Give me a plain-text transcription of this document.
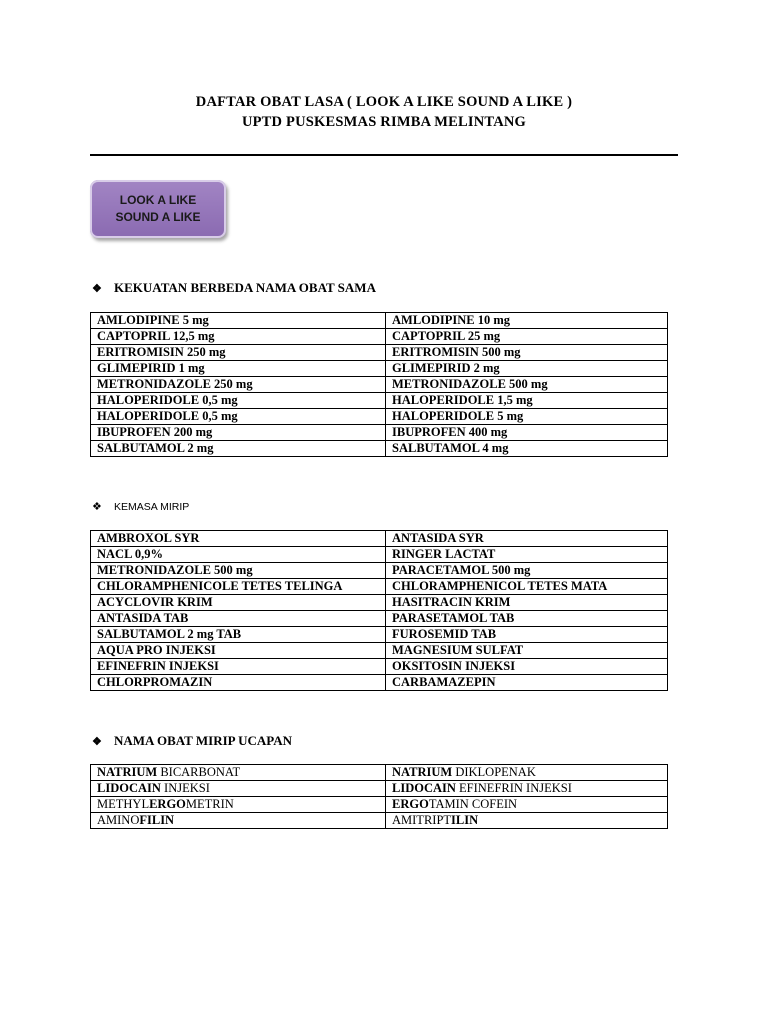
DAFTAR OBAT LASA ( LOOK A LIKE SOUND A LIKE )
UPTD PUSKESMAS RIMBA MELINTANG
LOOK A LIKE
SOUND A LIKE
❖ KEKUATAN BERBEDA NAMA OBAT SAMA
AMLODIPINE 5 mg	AMLODIPINE 10 mg
CAPTOPRIL 12,5 mg	CAPTOPRIL 25 mg
ERITROMISIN 250 mg	ERITROMISIN 500 mg
GLIMEPIRID 1 mg	GLIMEPIRID 2 mg
METRONIDAZOLE 250 mg	METRONIDAZOLE 500 mg
HALOPERIDOLE 0,5 mg	HALOPERIDOLE 1,5 mg
HALOPERIDOLE 0,5 mg	HALOPERIDOLE 5 mg
IBUPROFEN 200 mg	IBUPROFEN 400 mg
SALBUTAMOL 2 mg	SALBUTAMOL 4 mg
❖ KEMASA MIRIP
AMBROXOL SYR	ANTASIDA SYR
NACL 0,9%	RINGER LACTAT
METRONIDAZOLE 500 mg	PARACETAMOL 500 mg
CHLORAMPHENICOLE TETES TELINGA	CHLORAMPHENICOL TETES MATA
ACYCLOVIR KRIM	HASITRACIN KRIM
ANTASIDA TAB	PARASETAMOL TAB
SALBUTAMOL 2 mg TAB	FUROSEMID TAB
AQUA PRO INJEKSI	MAGNESIUM SULFAT
EFINEFRIN INJEKSI	OKSITOSIN INJEKSI
CHLORPROMAZIN	CARBAMAZEPIN
❖ NAMA OBAT MIRIP UCAPAN
NATRIUM BICARBONAT	NATRIUM DIKLOPENAK
LIDOCAIN INJEKSI	LIDOCAIN EFINEFRIN INJEKSI
METHYLERGOMETRIN	ERGOTAMIN COFEIN
AMINOFILIN	AMITRIPTILIN
